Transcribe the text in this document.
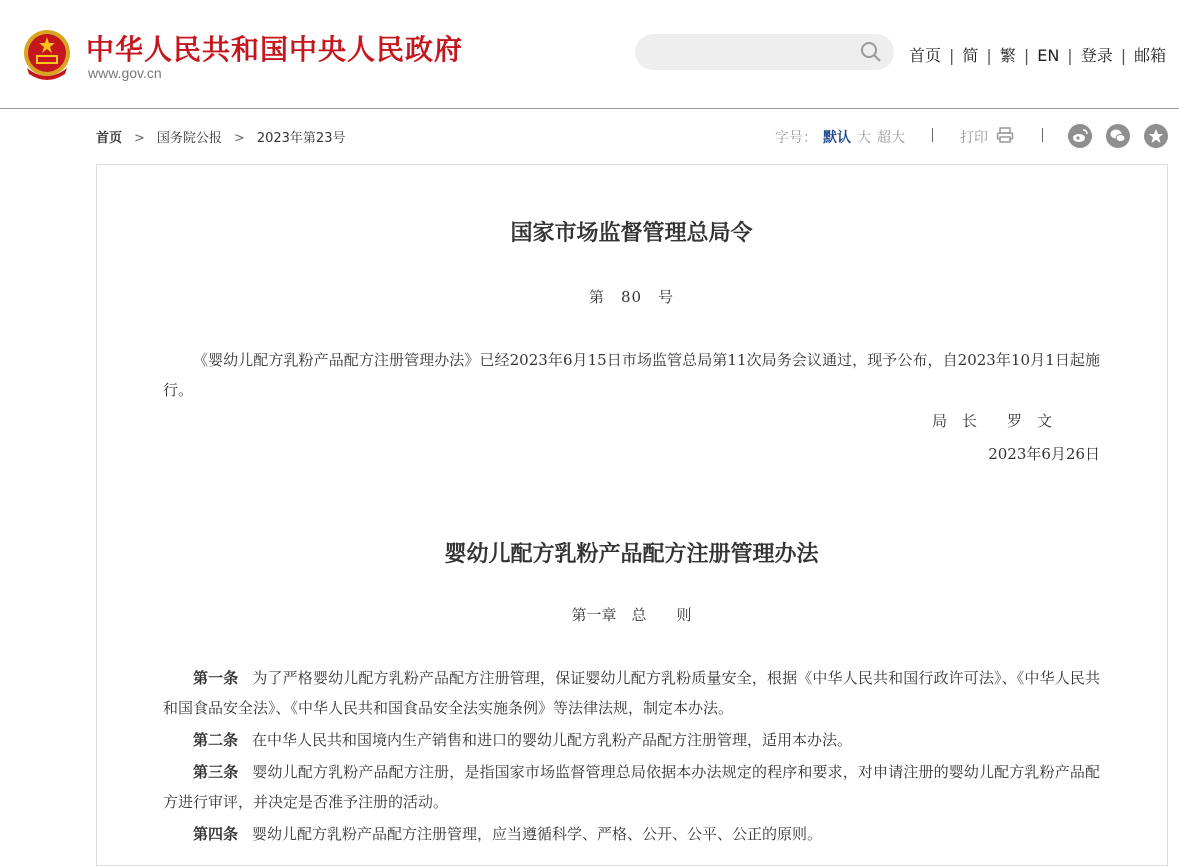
中华人民共和国中央人民政府
www.gov.cn
首页 | 简 | 繁 | EN | 登录 | 邮箱
首页 > 国务院公报 > 2023年第23号	字号： 默认 大 超大	打印
国家市场监督管理总局令
第　80　号
《婴幼儿配方乳粉产品配方注册管理办法》已经2023年6月15日市场监管总局第11次局务会议通过，现予公布，自2023年10月1日起施行。
局　长　　罗　文
2023年6月26日
婴幼儿配方乳粉产品配方注册管理办法
第一章　总　　则
第一条 为了严格婴幼儿配方乳粉产品配方注册管理，保证婴幼儿配方乳粉质量安全，根据《中华人民共和国行政许可法》、《中华人民共和国食品安全法》、《中华人民共和国食品安全法实施条例》等法律法规，制定本办法。
第二条 在中华人民共和国境内生产销售和进口的婴幼儿配方乳粉产品配方注册管理，适用本办法。
第三条 婴幼儿配方乳粉产品配方注册，是指国家市场监督管理总局依据本办法规定的程序和要求，对申请注册的婴幼儿配方乳粉产品配方进行审评，并决定是否准予注册的活动。
第四条 婴幼儿配方乳粉产品配方注册管理，应当遵循科学、严格、公开、公平、公正的原则。
